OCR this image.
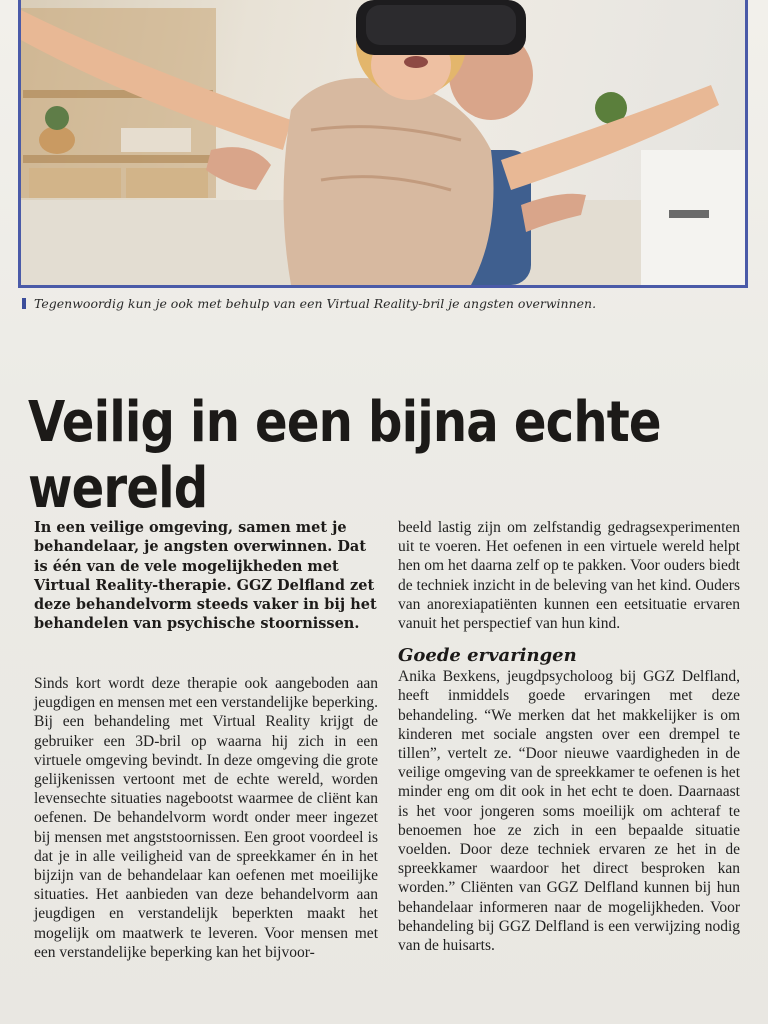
Tegenwoordig kun je ook met behulp van een Virtual Reality-bril je angsten overwinnen.
Veilig in een bijna echte wereld
In een veilige omgeving, samen met je behandelaar, je angsten overwinnen. Dat is één van de vele mogelijkheden met Virtual Reality-therapie. GGZ Delfland zet deze behandelvorm steeds vaker in bij het behandelen van psychische stoornissen.

Sinds kort wordt deze therapie ook aangeboden aan jeugdigen en mensen met een verstandelijke beperking. Bij een behandeling met Virtual Reality krijgt de gebruiker een 3D-bril op waarna hij zich in een virtuele omgeving bevindt. In deze omgeving die grote gelijkenissen vertoont met de echte wereld, worden levensechte situaties nagebootst waarmee de cliënt kan oefenen. De behandelvorm wordt onder meer ingezet bij mensen met angststoornissen. Een groot voordeel is dat je in alle veiligheid van de spreekkamer én in het bijzijn van de behandelaar kan oefenen met moeilijke situaties. Het aanbieden van deze behandelvorm aan jeugdigen en verstandelijk beperkten maakt het mogelijk om maatwerk te leveren. Voor mensen met een verstandelijke beperking kan het bijvoor-

beeld lastig zijn om zelfstandig gedragsexperimenten uit te voeren. Het oefenen in een virtuele wereld helpt hen om het daarna zelf op te pakken. Voor ouders biedt de techniek inzicht in de beleving van het kind. Ouders van anorexiapatiënten kunnen een eetsituatie ervaren vanuit het perspectief van hun kind.

Goede ervaringen

Anika Bexkens, jeugdpsycholoog bij GGZ Delfland, heeft inmiddels goede ervaringen met deze behandeling. “We merken dat het makkelijker is om kinderen met sociale angsten over een drempel te tillen”, vertelt ze. “Door nieuwe vaardigheden in de veilige omgeving van de spreekkamer te oefenen is het minder eng om dit ook in het echt te doen. Daarnaast is het voor jongeren soms moeilijk om achteraf te benoemen hoe ze zich in een bepaalde situatie voelden. Door deze techniek ervaren ze het in de spreekkamer waardoor het direct besproken kan worden.” Cliënten van GGZ Delfland kunnen bij hun behandelaar informeren naar de mogelijkheden. Voor behandeling bij GGZ Delfland is een verwijzing nodig van de huisarts.
